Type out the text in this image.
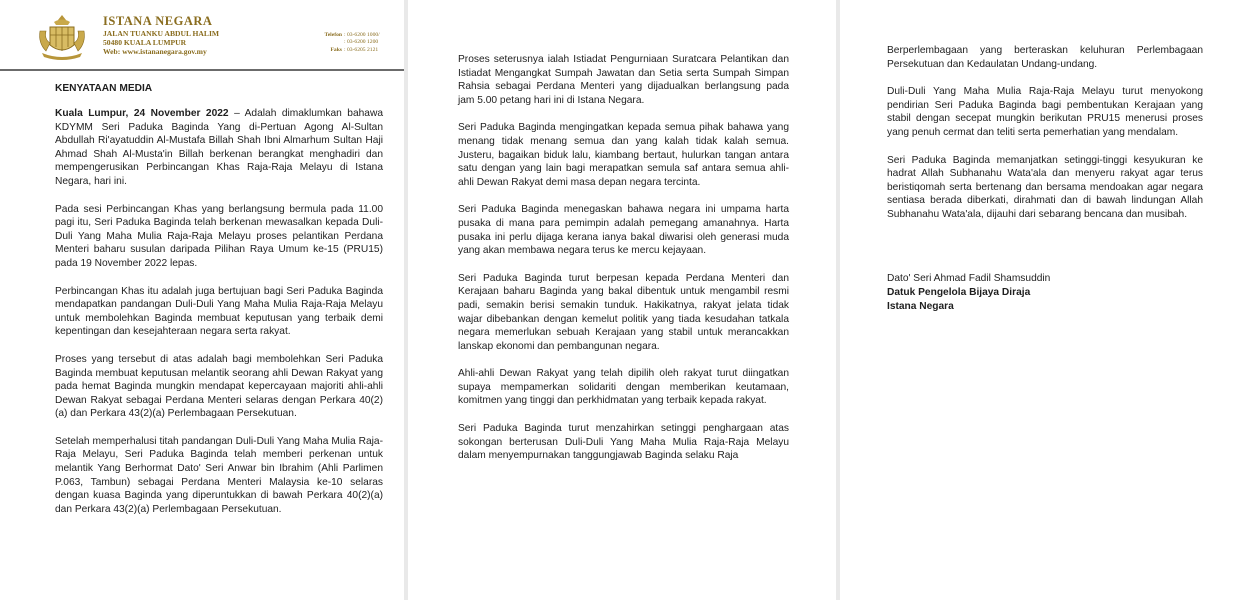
ISTANA NEGARA
JALAN TUANKU ABDUL HALIM
50480 KUALA LUMPUR
Web: www.istananegara.gov.my
Telefon : 03-6200 1000/
: 03-6200 1200
Faks : 03-6205 2121
KENYATAAN MEDIA

Kuala Lumpur, 24 November 2022 – Adalah dimaklumkan bahawa KDYMM Seri Paduka Baginda Yang di-Pertuan Agong Al-Sultan Abdullah Ri'ayatuddin Al-Mustafa Billah Shah Ibni Almarhum Sultan Haji Ahmad Shah Al-Musta'in Billah berkenan berangkat menghadiri dan mempengerusikan Perbincangan Khas Raja-Raja Melayu di Istana Negara, hari ini.

Pada sesi Perbincangan Khas yang berlangsung bermula pada 11.00 pagi itu, Seri Paduka Baginda telah berkenan mewasalkan kepada Duli-Duli Yang Maha Mulia Raja-Raja Melayu proses pelantikan Perdana Menteri baharu susulan daripada Pilihan Raya Umum ke-15 (PRU15) pada 19 November 2022 lepas.

Perbincangan Khas itu adalah juga bertujuan bagi Seri Paduka Baginda mendapatkan pandangan Duli-Duli Yang Maha Mulia Raja-Raja Melayu untuk membolehkan Baginda membuat keputusan yang terbaik demi kepentingan dan kesejahteraan negara serta rakyat.

Proses yang tersebut di atas adalah bagi membolehkan Seri Paduka Baginda membuat keputusan melantik seorang ahli Dewan Rakyat yang pada hemat Baginda mungkin mendapat kepercayaan majoriti ahli-ahli Dewan Rakyat sebagai Perdana Menteri selaras dengan Perkara 40(2)(a) dan Perkara 43(2)(a) Perlembagaan Persekutuan.

Setelah memperhalusi titah pandangan Duli-Duli Yang Maha Mulia Raja-Raja Melayu, Seri Paduka Baginda telah memberi perkenan untuk melantik Yang Berhormat Dato' Seri Anwar bin Ibrahim (Ahli Parlimen P.063, Tambun) sebagai Perdana Menteri Malaysia ke-10 selaras dengan kuasa Baginda yang diperuntukkan di bawah Perkara 40(2)(a) dan Perkara 43(2)(a) Perlembagaan Persekutuan.

Proses seterusnya ialah Istiadat Pengurniaan Suratcara Pelantikan dan Istiadat Mengangkat Sumpah Jawatan dan Setia serta Sumpah Simpan Rahsia sebagai Perdana Menteri yang dijadualkan berlangsung pada jam 5.00 petang hari ini di Istana Negara.

Seri Paduka Baginda mengingatkan kepada semua pihak bahawa yang menang tidak menang semua dan yang kalah tidak kalah semua. Justeru, bagaikan biduk lalu, kiambang bertaut, hulurkan tangan antara satu dengan yang lain bagi merapatkan semula saf antara semua ahli-ahli Dewan Rakyat demi masa depan negara tercinta.

Seri Paduka Baginda menegaskan bahawa negara ini umpama harta pusaka di mana para pemimpin adalah pemegang amanahnya. Harta pusaka ini perlu dijaga kerana ianya bakal diwarisi oleh generasi muda yang akan membawa negara terus ke mercu kejayaan.

Seri Paduka Baginda turut berpesan kepada Perdana Menteri dan Kerajaan baharu Baginda yang bakal dibentuk untuk mengambil resmi padi, semakin berisi semakin tunduk. Hakikatnya, rakyat jelata tidak wajar dibebankan dengan kemelut politik yang tiada kesudahan tatkala negara memerlukan sebuah Kerajaan yang stabil untuk merancakkan lanskap ekonomi dan pembangunan negara.

Ahli-ahli Dewan Rakyat yang telah dipilih oleh rakyat turut diingatkan supaya mempamerkan solidariti dengan memberikan keutamaan, komitmen yang tinggi dan perkhidmatan yang terbaik kepada rakyat.

Seri Paduka Baginda turut menzahirkan setinggi penghargaan atas sokongan berterusan Duli-Duli Yang Maha Mulia Raja-Raja Melayu dalam menyempurnakan tanggungjawab Baginda selaku Raja

Berperlembagaan yang berteraskan keluhuran Perlembagaan Persekutuan dan Kedaulatan Undang-undang.

Duli-Duli Yang Maha Mulia Raja-Raja Melayu turut menyokong pendirian Seri Paduka Baginda bagi pembentukan Kerajaan yang stabil dengan secepat mungkin berikutan PRU15 menerusi proses yang penuh cermat dan teliti serta pemerhatian yang mendalam.

Seri Paduka Baginda memanjatkan setinggi-tinggi kesyukuran ke hadrat Allah Subhanahu Wata'ala dan menyeru rakyat agar terus beristiqomah serta bertenang dan bersama mendoakan agar negara sentiasa berada diberkati, dirahmati dan di bawah lindungan Allah Subhanahu Wata'ala, dijauhi dari sebarang bencana dan musibah.

Dato' Seri Ahmad Fadil Shamsuddin
Datuk Pengelola Bijaya Diraja
Istana Negara
